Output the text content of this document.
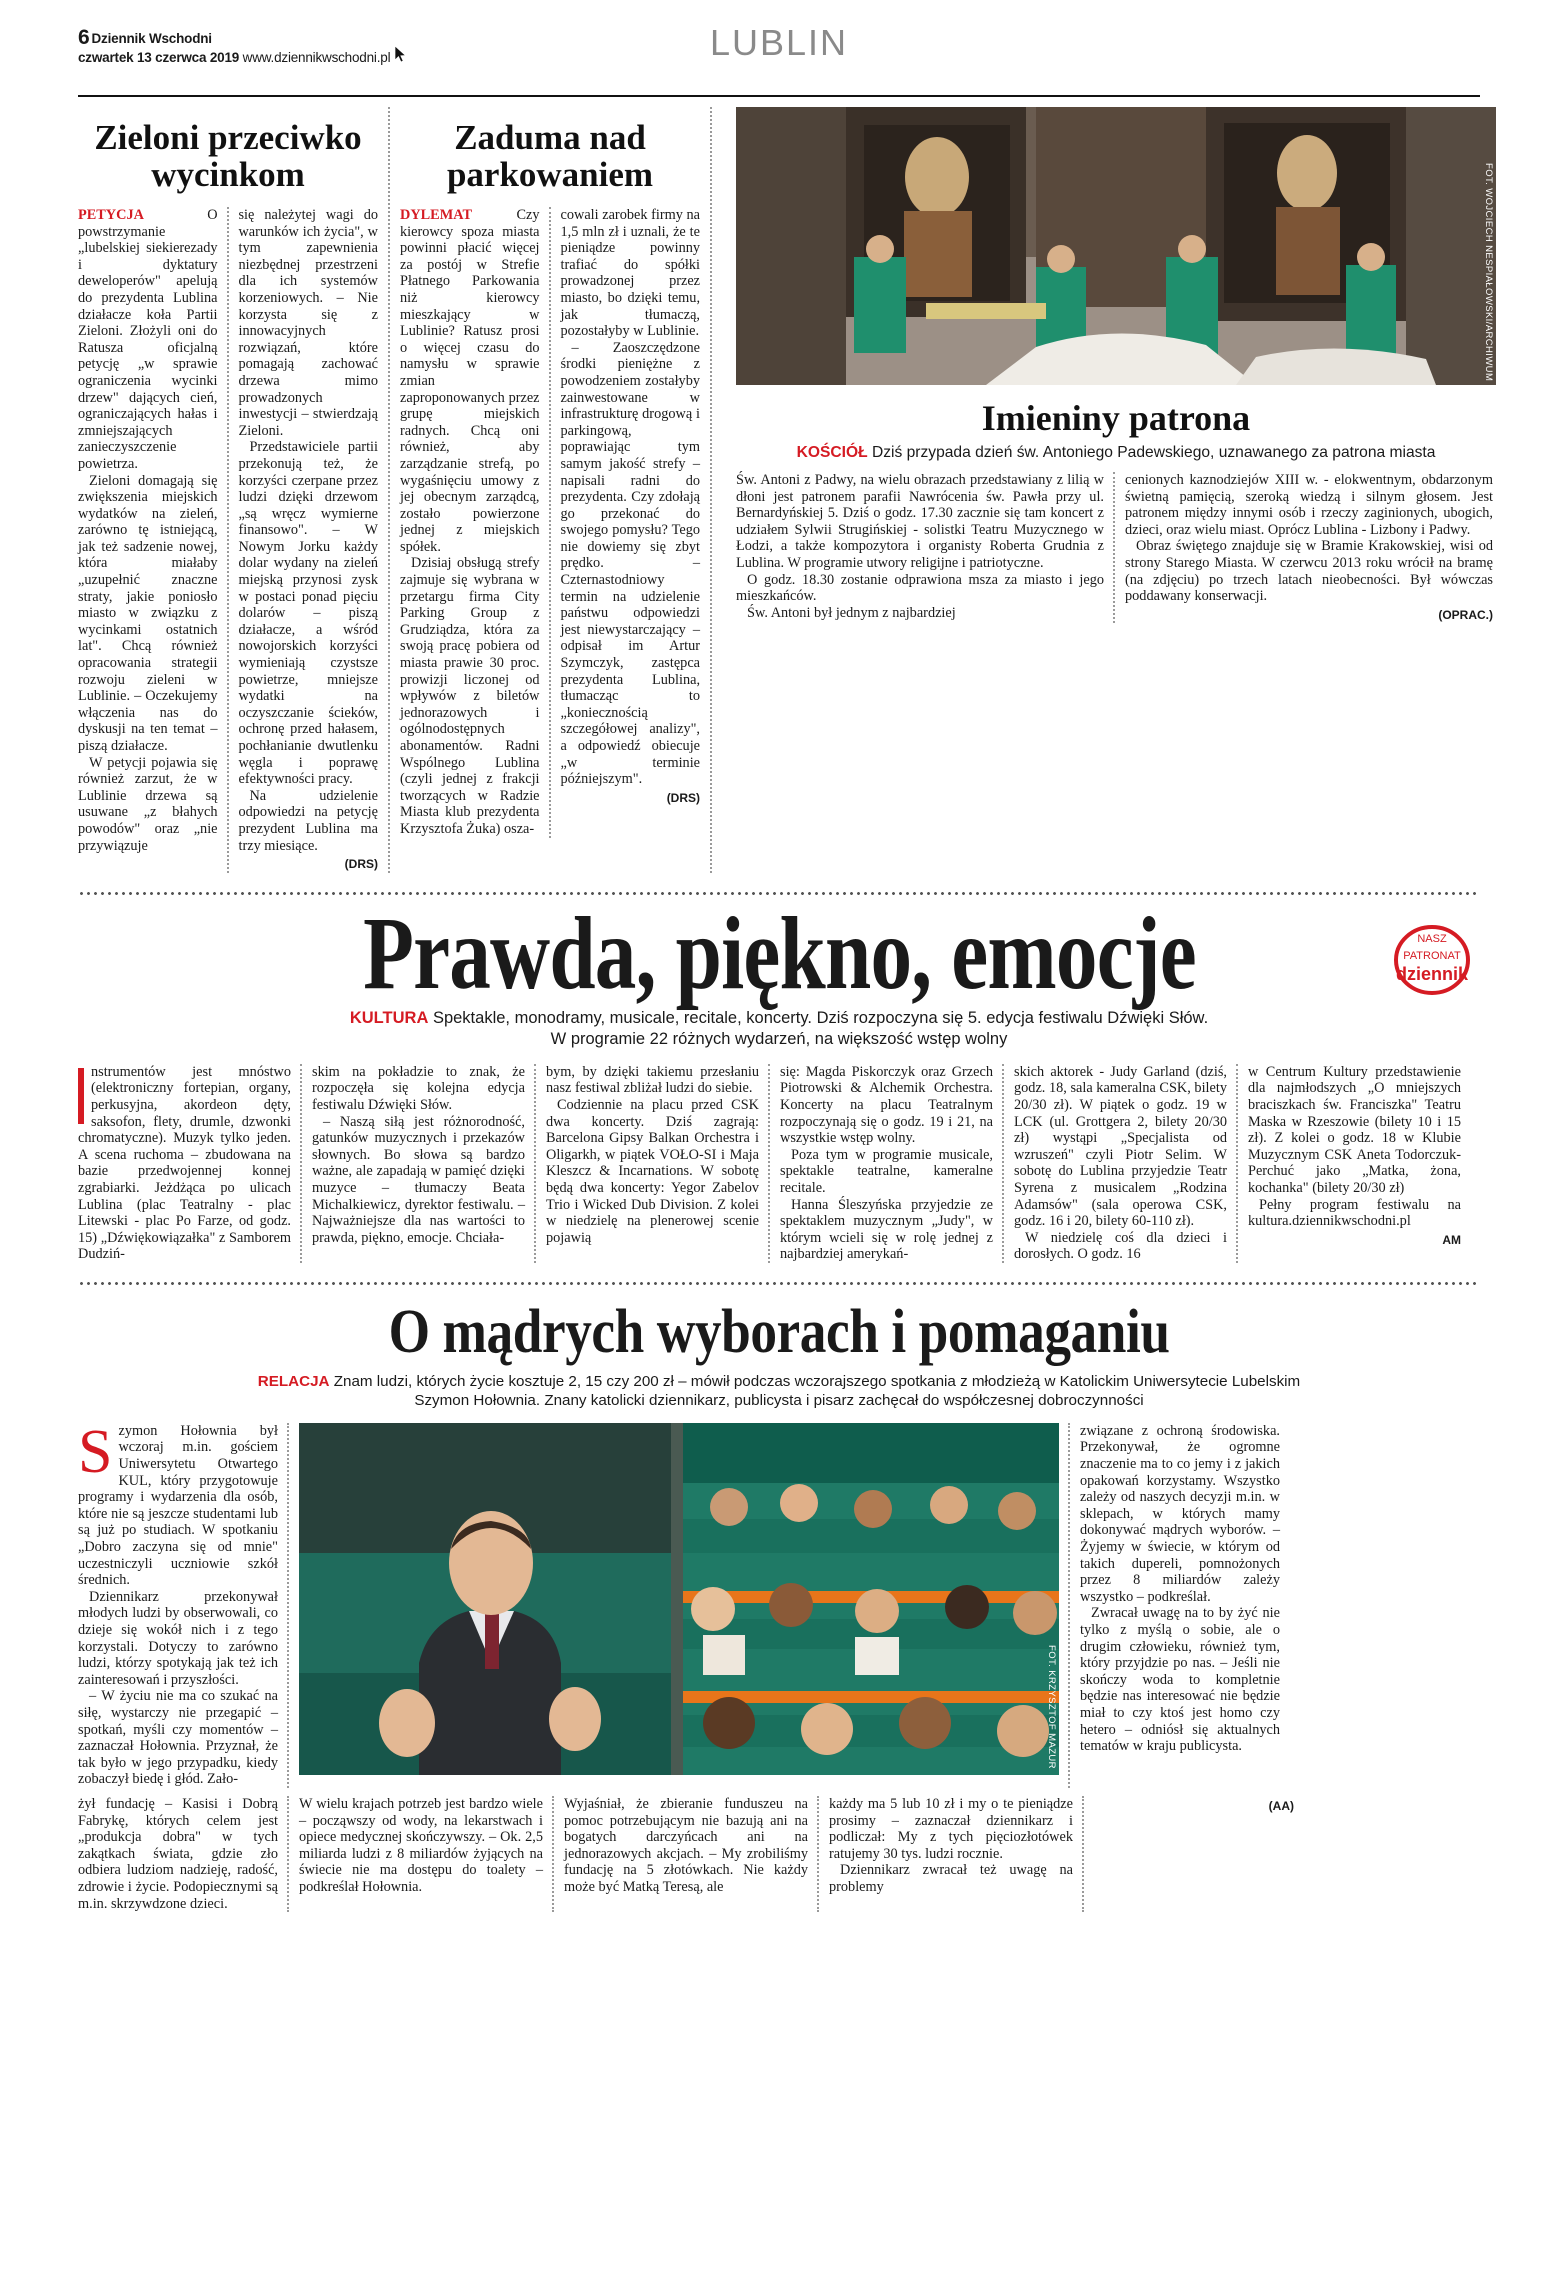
6 Dziennik Wschodni
czwartek 13 czerwca 2019 www.dziennikwschodni.pl	LUBLIN
Zieloni przeciwko wycinkom

PETYCJA	O powstrzymanie „lubelskiej siekierezady i dyktatury deweloperów" apelują do prezydenta Lublina działacze koła Partii Zieloni. Złożyli oni do Ratusza oficjalną petycję „w sprawie ograniczenia wycinki drzew" dających cień, ograniczających hałas i zmniejszających zanieczyszczenie powietrza.

Zieloni domagają się zwiększenia miejskich wydatków na zieleń, zarówno tę istniejącą, jak też sadzenie nowej, która miałaby „uzupełnić znaczne straty, jakie poniosło miasto w związku z wycinkami ostatnich lat". Chcą również opracowania strategii rozwoju zieleni w Lublinie. – Oczekujemy włączenia nas do dyskusji na ten temat – piszą działacze.

W petycji pojawia się również zarzut, że w Lublinie drzewa są usuwane „z błahych powodów" oraz „nie przywiązuje

się należytej wagi do warunków ich życia", w tym zapewnienia niezbędnej przestrzeni dla ich systemów korzeniowych. – Nie korzysta się z innowacyjnych rozwiązań, które pomagają zachować drzewa mimo prowadzonych inwestycji – stwierdzają Zieloni.

Przedstawiciele partii przekonują też, że korzyści czerpane przez ludzi dzięki drzewom „są wręcz wymierne finansowo". – W Nowym Jorku każdy dolar wydany na zieleń miejską przynosi zysk w postaci ponad pięciu dolarów – piszą działacze, a wśród nowojorskich korzyści wymieniają czystsze powietrze, mniejsze wydatki na oczyszczanie ścieków, ochronę przed hałasem, pochłanianie dwutlenku węgla i poprawę efektywności pracy.

Na udzielenie odpowiedzi na petycję prezydent Lublina ma trzy miesiące.

(DRS)
Zaduma nad parkowaniem

DYLEMAT	Czy kierowcy spoza miasta powinni płacić więcej za postój w Strefie Płatnego Parkowania niż kierowcy mieszkający w Lublinie? Ratusz prosi o więcej czasu do namysłu w sprawie zmian zaproponowanych przez grupę miejskich radnych. Chcą oni również, aby zarządzanie strefą, po wygaśnięciu umowy z jej obecnym zarządcą, zostało powierzone jednej z miejskich spółek.

Dzisiaj obsługą strefy zajmuje się wybrana w przetargu firma City Parking Group z Grudziądza, która za swoją pracę pobiera od miasta prawie 30 proc. prowizji liczonej od wpływów z biletów jednorazowych i ogólnodostępnych abonamentów. Radni Wspólnego Lublina (czyli jednej z frakcji tworzących w Radzie Miasta klub prezydenta Krzysztofa Żuka) osza-

cowali zarobek firmy na 1,5 mln zł i uznali, że te pieniądze powinny trafiać do spółki prowadzonej przez miasto, bo dzięki temu, jak tłumaczą, pozostałyby w Lublinie.

– Zaoszczędzone środki pieniężne z powodzeniem zostałyby zainwestowane w infrastrukturę drogową i parkingową, poprawiając tym samym jakość strefy – napisali radni do prezydenta. Czy zdołają go przekonać do swojego pomysłu? Tego nie dowiemy się zbyt prędko. – Czternastodniowy termin na udzielenie państwu odpowiedzi jest niewystarczający – odpisał im Artur Szymczyk, zastępca prezydenta Lublina, tłumacząc to „koniecznością szczegółowej analizy", a odpowiedź obiecuje „w terminie późniejszym".

(DRS)
FOT. WOJCIECH NESPIAŁOWSKI/ARCHIWUM
Imieniny patrona
KOŚCIÓŁ Dziś przypada dzień św. Antoniego Padewskiego, uznawanego za patrona miasta

Św. Antoni z Padwy, na wielu obrazach przedstawiany z lilią w dłoni jest patronem parafii Nawrócenia św. Pawła przy ul. Bernardyńskiej 5. Dziś o godz. 17.30 zacznie się tam koncert z udziałem Sylwii Strugińskiej - solistki Teatru Muzycznego w Łodzi, a także kompozytora i organisty Roberta Grudnia z Lublina. W programie utwory religijne i patriotyczne.

O godz. 18.30 zostanie odprawiona msza za miasto i jego mieszkańców.

Św. Antoni był jednym z najbardziej

cenionych kaznodziejów XIII w. - elokwentnym, obdarzonym świetną pamięcią, szeroką wiedzą i silnym głosem. Jest patronem między innymi osób i rzeczy zaginionych, ubogich, dzieci, oraz wielu miast. Oprócz Lublina - Lizbony i Padwy.

Obraz świętego znajduje się w Bramie Krakowskiej, wisi od strony Starego Miasta. W czerwcu 2013 roku wrócił na bramę (na zdjęciu) po trzech latach nieobecności. Był wówczas poddawany konserwacji.

(OPRAC.)
Prawda, piękno, emocje	NASZ
PATRONAT
dziennik
KULTURA Spektakle, monodramy, musicale, recitale, koncerty. Dziś rozpoczyna się 5. edycja festiwalu Dźwięki Słów.
W programie 22 różnych wydarzeń, na większość wstęp wolny

nstrumentów jest mnóstwo (elektroniczny fortepian, organy, perkusyjna, akordeon dęty, saksofon, flety, drumle, dzwonki chromatyczne). Muzyk tylko jeden. A scena ruchoma – zbudowana na bazie przedwojennej konnej zgrabiarki. Jeżdżąca po ulicach Lublina (plac Teatralny - plac Litewski - plac Po Farze, od godz. 15) „Dźwiękowiązałka" z Samborem Dudziń-

skim na pokładzie to znak, że rozpoczęła się kolejna edycja festiwalu Dźwięki Słów.

– Naszą siłą jest różnorodność, gatunków muzycznych i przekazów słownych. Bo słowa są bardzo ważne, ale zapadają w pamięć dzięki muzyce – tłumaczy Beata Michalkiewicz, dyrektor festiwalu. –Najważniejsze dla nas wartości to prawda, piękno, emocje. Chciała-

bym, by dzięki takiemu przesłaniu nasz festiwal zbliżał ludzi do siebie.

Codziennie na placu przed CSK dwa koncerty. Dziś zagrają: Barcelona Gipsy Balkan Orchestra i Oligarkh, w piątek VOŁO-SI i Maja Kleszcz & Incarnations. W sobotę będą dwa koncerty: Yegor Zabelov Trio i Wicked Dub Division. Z kolei w niedzielę na plenerowej scenie pojawią

się: Magda Piskorczyk oraz Grzech Piotrowski & Alchemik Orchestra. Koncerty na placu Teatralnym rozpoczynają się o godz. 19 i 21, na wszystkie wstęp wolny.

Poza tym w programie musicale, spektakle teatralne, kameralne recitale.

Hanna Śleszyńska przyjedzie ze spektaklem muzycznym „Judy", w którym wcieli się w rolę jednej z najbardziej amerykań-

skich aktorek - Judy Garland (dziś, godz. 18, sala kameralna CSK, bilety 20/30 zł). W piątek o godz. 19 w LCK (ul. Grottgera 2, bilety 20/30 zł) wystąpi „Specjalista od wzruszeń" czyli Piotr Selim. W sobotę do Lublina przyjedzie Teatr Syrena z musicalem „Rodzina Adamsów" (sala operowa CSK, godz. 16 i 20, bilety 60-110 zł).

W niedzielę coś dla dzieci i dorosłych. O godz. 16

w Centrum Kultury przedstawienie dla najmłodszych „O mniejszych braciszkach św. Franciszka" Teatru Maska w Rzeszowie (bilety 10 i 15 zł). Z kolei o godz. 18 w Klubie Muzycznym CSK Aneta Todorczuk-Perchuć jako „Matka, żona, kochanka" (bilety 20/30 zł)

Pełny program festiwalu na kultura.dziennikwschodni.pl

AM
O mądrych wyborach i pomaganiu
RELACJA Znam ludzi, których życie kosztuje 2, 15 czy 200 zł – mówił podczas wczorajszego spotkania z młodzieżą w Katolickim Uniwersytecie Lubelskim
Szymon Hołownia. Znany katolicki dziennikarz, publicysta i pisarz zachęcał do współczesnej dobroczynności

Szymon Hołownia był wczoraj m.in. gościem Uniwersytetu Otwartego KUL, który przygotowuje programy i wydarzenia dla osób, które nie są jeszcze studentami lub są już po studiach. W spotkaniu „Dobro zaczyna się od mnie" uczestniczyli uczniowie szkół średnich.

Dziennikarz przekonywał młodych ludzi by obserwowali, co dzieje się wokół nich i z tego korzystali. Dotyczy to zarówno ludzi, którzy spotykają jak też ich zainteresowań i przyszłości.

– W życiu nie ma co szukać na siłę, wystarczy nie przegapić – spotkań, myśli czy momentów – zaznaczał Hołownia. Przyznał, że tak było w jego przypadku, kiedy zobaczył biedę i głód. Zało-

FOT. KRZYSZTOF MAZUR

związane z ochroną środowiska. Przekonywał, że ogromne znaczenie ma to co jemy i z jakich opakowań korzystamy. Wszystko zależy od naszych decyzji m.in. w sklepach, w których mamy dokonywać mądrych wyborów. – Żyjemy w świecie, w którym od takich dupereli, pomnożonych przez 8 miliardów zależy wszystko – podkreślał.

Zwracał uwagę na to by żyć nie tylko z myślą o sobie, ale o drugim człowieku, również tym, który przyjdzie po nas. – Jeśli nie skończy woda to kompletnie będzie nas interesować nie będzie miał to czy ktoś jest homo czy hetero – odniósł się aktualnych tematów w kraju publicysta.

żył fundację – Kasisi i Dobrą Fabrykę, których celem jest „produkcja dobra" w tych zakątkach świata, gdzie zło odbiera ludziom nadzieję, radość, zdrowie i życie. Podopiecznymi są m.in. skrzywdzone dzieci.

W wielu krajach potrzeb jest bardzo wiele – począwszy od wody, na lekarstwach i opiece medycznej skończywszy. – Ok. 2,5 miliarda ludzi z 8 miliardów żyjących na świecie nie ma dostępu do toalety – podkreślał Hołownia.

Wyjaśniał, że zbieranie funduszeu na pomoc potrzebującym nie bazują ani na bogatych darczyńcach ani na jednorazowych akcjach. – My zrobiliśmy fundację na 5 złotówkach. Nie każdy może być Matką Teresą, ale

każdy ma 5 lub 10 zł i my o te pieniądze prosimy – zaznaczał dziennikarz i podliczał: My z tych pięciozłotówek ratujemy 30 tys. ludzi rocznie.

Dziennikarz zwracał też uwagę na problemy

(AA)
